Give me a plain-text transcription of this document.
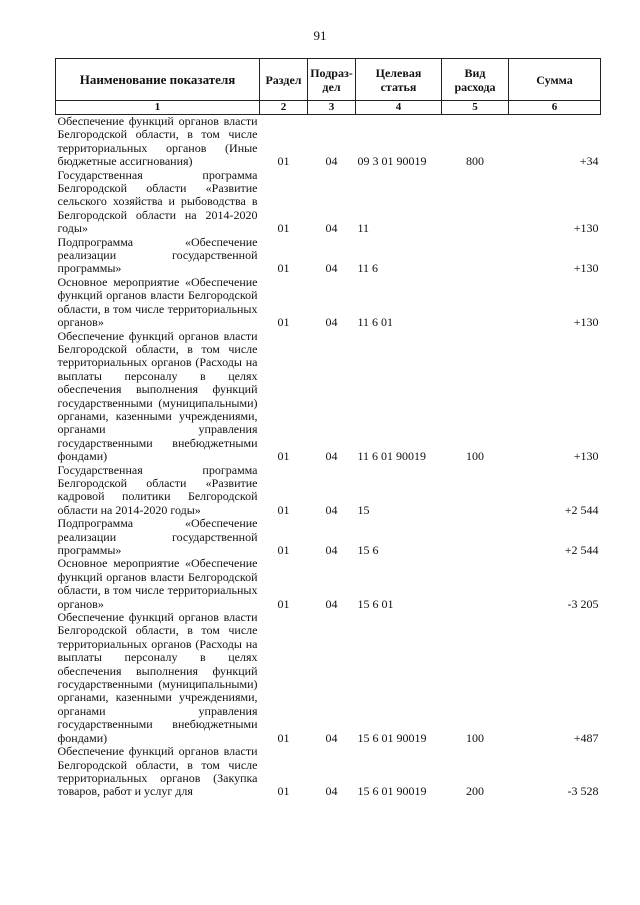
91
Наименование показателя	Раздел	Подраз-дел	Целевая статья	Вид расхода	Сумма
1	2	3	4	5	6
Обеспечение функций органов власти Белгородской области, в том числе территориальных органов (Иные бюджетные ассигнования)	01	04	09 3 01 90019	800	+34
Государственная программа Белгородской области «Развитие сельского хозяйства и рыбоводства в Белгородской области на 2014-2020 годы»	01	04	11		+130
Подпрограмма «Обеспечение реализации государственной программы»	01	04	11 6		+130
Основное мероприятие «Обеспечение функций органов власти Белгородской области, в том числе территориальных органов»	01	04	11 6 01		+130
Обеспечение функций органов власти Белгородской области, в том числе территориальных органов (Расходы на выплаты персоналу в целях обеспечения выполнения функций государственными (муниципальными) органами, казенными учреждениями, органами управления государственными внебюджетными фондами)	01	04	11 6 01 90019	100	+130
Государственная программа Белгородской области «Развитие кадровой политики Белгородской области на 2014-2020 годы»	01	04	15		+2 544
Подпрограмма «Обеспечение реализации государственной программы»	01	04	15 6		+2 544
Основное мероприятие «Обеспечение функций органов власти Белгородской области, в том числе территориальных органов»	01	04	15 6 01		-3 205
Обеспечение функций органов власти Белгородской области, в том числе территориальных органов (Расходы на выплаты персоналу в целях обеспечения выполнения функций государственными (муниципальными) органами, казенными учреждениями, органами управления государственными внебюджетными фондами)	01	04	15 6 01 90019	100	+487
Обеспечение функций органов власти Белгородской области, в том числе территориальных органов (Закупка товаров, работ и услуг для	01	04	15 6 01 90019	200	-3 528
